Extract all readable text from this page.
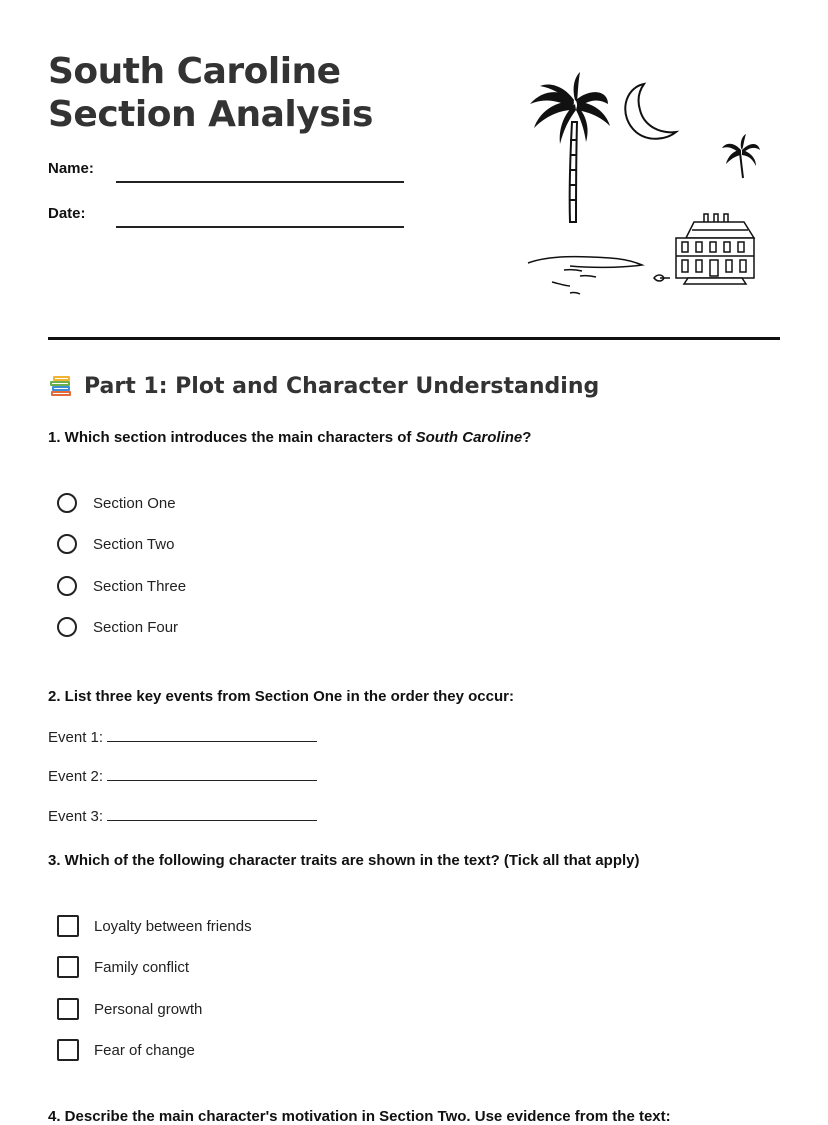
South Caroline Section Analysis
Name:
Date:
Part 1: Plot and Character Understanding

1. Which section introduces the main characters of South Caroline?

Section One
Section Two
Section Three
Section Four

2. List three key events from Section One in the order they occur:

Event 1:
Event 2:
Event 3:

3. Which of the following character traits are shown in the text? (Tick all that apply)

Loyalty between friends
Family conflict
Personal growth
Fear of change

4. Describe the main character's motivation in Section Two. Use evidence from the text:
